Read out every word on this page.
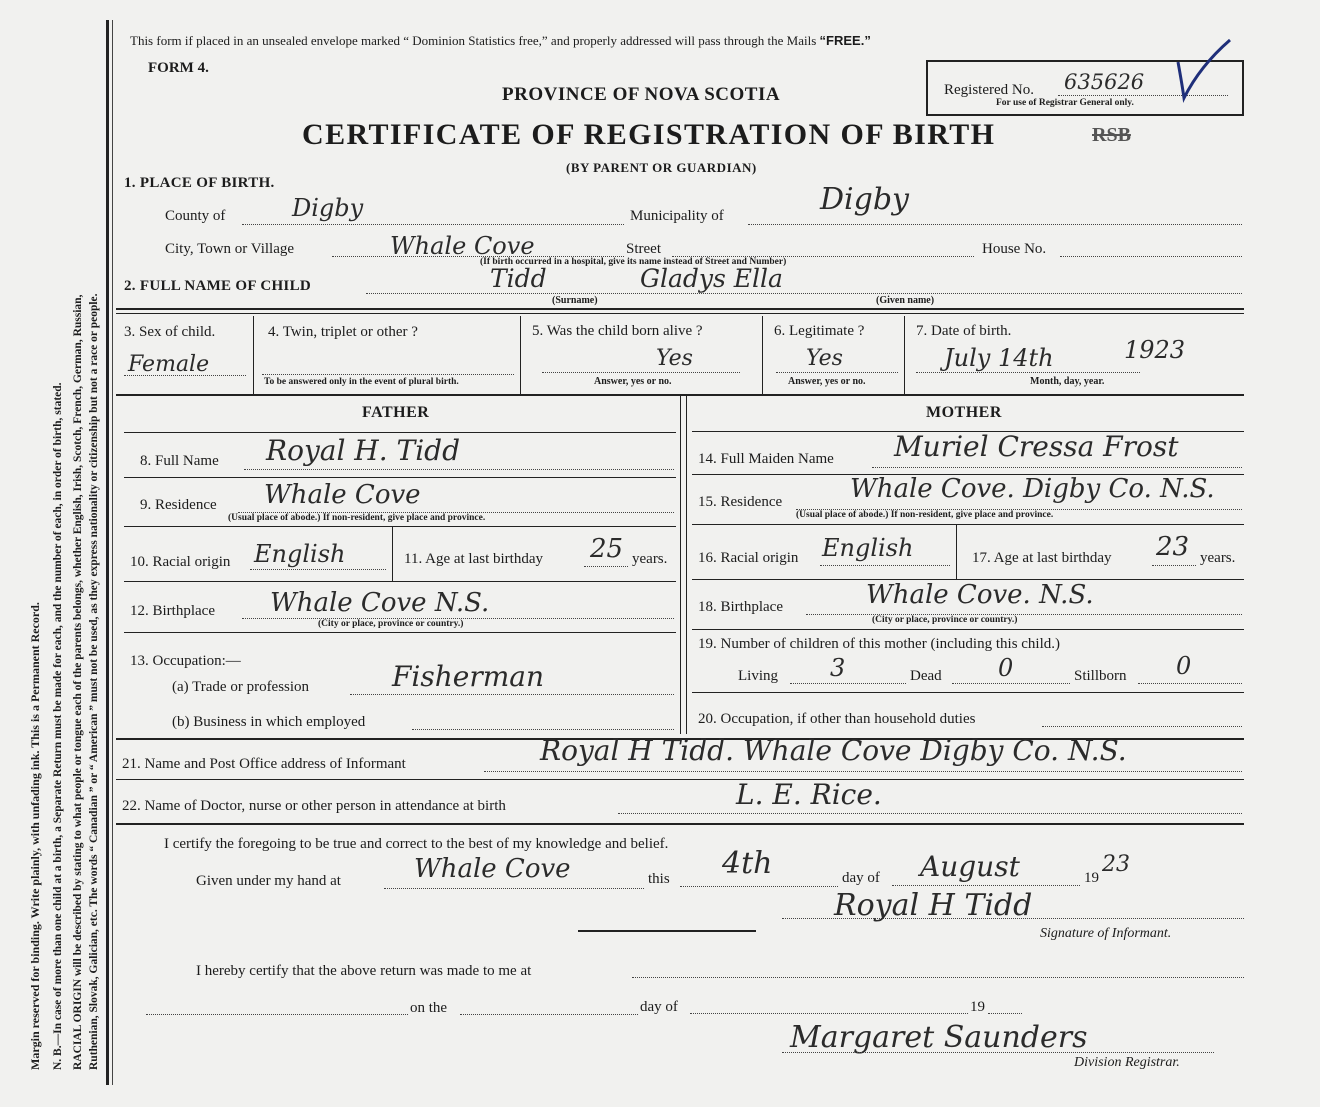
Margin reserved for binding. Write plainly, with unfading ink. This is a Permanent Record. N. B.—In case of more than one child at a birth, a Separate Return must be made for each, and the number of each, in order of birth, stated. RACIAL ORIGIN will be described by stating to what people or tongue each of the parents belongs, whether English, Irish, Scotch, French, German, Russian, Ruthenian, Slovak, Galician, etc. The words “ Canadian ” or “ American ” must not be used, as they express nationality or citizenship but not a race or people.
This form if placed in an unsealed envelope marked “ Dominion Statistics free,” and properly addressed will pass through the Mails “FREE.”
FORM 4.
PROVINCE OF NOVA SCOTIA
CERTIFICATE OF REGISTRATION OF BIRTH	RSB
(BY PARENT OR GUARDIAN)
Registered No. 635626
For use of Registrar General only.
1. PLACE OF BIRTH.
County of	Digby	Municipality of	Digby
City, Town or Village	Whale Cove	Street
(If birth occurred in a hospital, give its name instead of Street and Number)
House No.
2. FULL NAME OF CHILD	Tidd	Gladys Ella
(Surname)	(Given name)
3. Sex of child.
Female
4. Twin, triplet or other ?
To be answered only in the event of plural birth.
5. Was the child born alive ?
Yes
Answer, yes or no.
6. Legitimate ?
Yes
Answer, yes or no.
7. Date of birth.
July 14th	1923
Month, day, year.
FATHER
8. Full Name Royal H. Tidd
9. Residence Whale Cove
(Usual place of abode.) If non-resident, give place and province.
10. Racial origin English	11. Age at last birthday 25 years.
12. Birthplace Whale Cove N.S.
(City or place, province or country.)
13. Occupation:—
(a) Trade or profession	Fisherman
(b) Business in which employed
MOTHER
14. Full Maiden Name Muriel Cressa Frost
15. Residence	Whale Cove. Digby Co. N.S.
(Usual place of abode.) If non-resident, give place and province.
16. Racial origin English	17. Age at last birthday 23 years.
18. Birthplace	Whale Cove. N.S.
(City or place, province or country.)
19. Number of children of this mother (including this child.)
Living 3	Dead 0	Stillborn 0
20. Occupation, if other than household duties
21. Name and Post Office address of Informant	Royal H Tidd. Whale Cove Digby Co. N.S.
22. Name of Doctor, nurse or other person in attendance at birth	L. E. Rice.
I certify the foregoing to be true and correct to the best of my knowledge and belief.
Given under my hand at	Whale Cove	this 4th	day of August	19
23
Royal H Tidd
Signature of Informant.
I hereby certify that the above return was made to me at
on the	day of	19
Margaret Saunders
Division Registrar.
